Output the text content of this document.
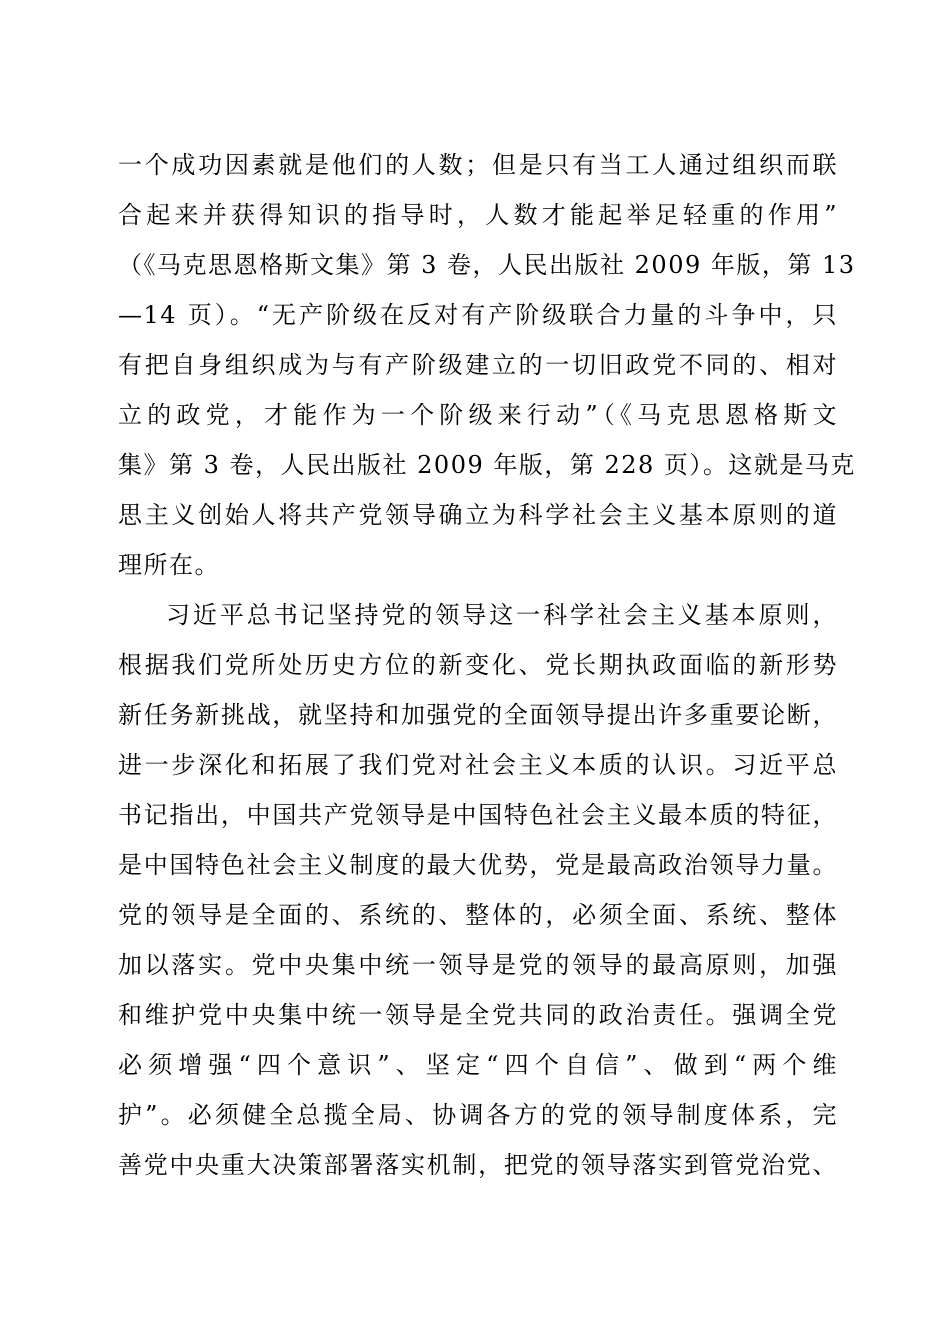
一个成功因素就是他们的人数；但是只有当工人通过组织而联
合起来并获得知识的指导时，人数才能起举足轻重的作用”
（《马克思恩格斯文集》第 3 卷，人民出版社 2009 年版，第 13
—14 页）。“无产阶级在反对有产阶级联合力量的斗争中，只
有把自身组织成为与有产阶级建立的一切旧政党不同的、相对
立的政党，才能作为一个阶级来行动”（《马克思恩格斯文
集》第 3 卷，人民出版社 2009 年版，第 228 页）。这就是马克
思主义创始人将共产党领导确立为科学社会主义基本原则的道
理所在。
习近平总书记坚持党的领导这一科学社会主义基本原则，
根据我们党所处历史方位的新变化、党长期执政面临的新形势
新任务新挑战，就坚持和加强党的全面领导提出许多重要论断，
进一步深化和拓展了我们党对社会主义本质的认识。习近平总
书记指出，中国共产党领导是中国特色社会主义最本质的特征，
是中国特色社会主义制度的最大优势，党是最高政治领导力量。
党的领导是全面的、系统的、整体的，必须全面、系统、整体
加以落实。党中央集中统一领导是党的领导的最高原则，加强
和维护党中央集中统一领导是全党共同的政治责任。强调全党
必须增强“四个意识”、坚定“四个自信”、做到“两个维
护”。必须健全总揽全局、协调各方的党的领导制度体系，完
善党中央重大决策部署落实机制，把党的领导落实到管党治党、
